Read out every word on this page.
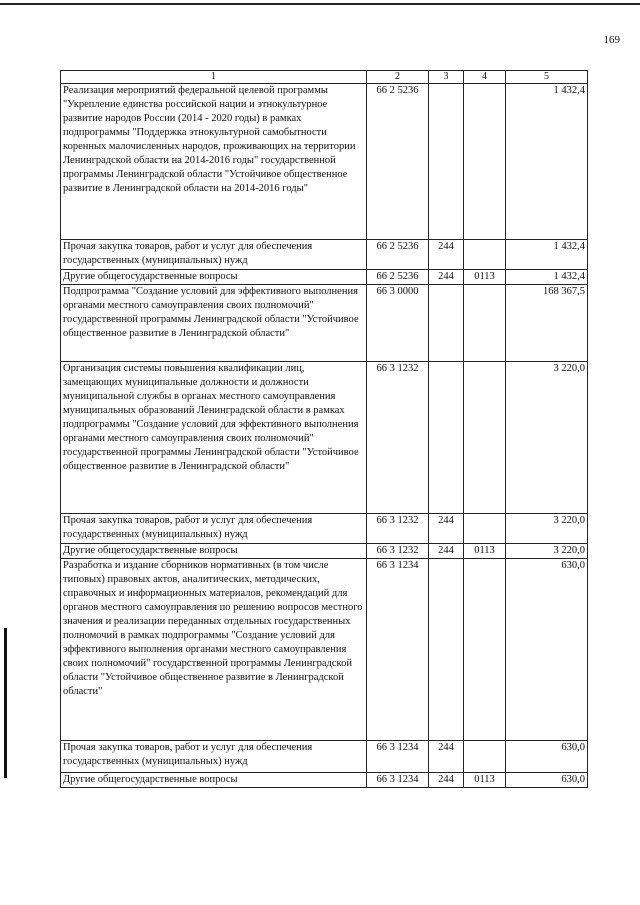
169
1	2	3	4	5
Реализация мероприятий федеральной целевой программы "Укрепление единства российской нации и этнокультурное развитие народов России (2014 - 2020 годы) в рамках подпрограммы "Поддержка этнокультурной самобытности коренных малочисленных народов, проживающих на территории Ленинградской области на 2014-2016 годы" государственной программы Ленинградской области "Устойчивое общественное развитие в Ленинградской области на 2014-2016 годы"	66 2 5236			1 432,4
Прочая закупка товаров, работ и услуг для обеспечения государственных (муниципальных) нужд	66 2 5236	244		1 432,4
Другие общегосударственные вопросы	66 2 5236	244	0113	1 432,4
Подпрограмма "Создание условий для эффективного выполнения органами местного самоуправления своих полномочий" государственной программы Ленинградской области "Устойчивое общественное развитие в Ленинградской области"	66 3 0000			168 367,5
Организация системы повышения квалификации лиц, замещающих муниципальные должности и должности муниципальной службы в органах местного самоуправления муниципальных образований Ленинградской области в рамках подпрограммы "Создание условий для эффективного выполнения органами местного самоуправления своих полномочий" государственной программы Ленинградской области "Устойчивое общественное развитие в Ленинградской области"	66 3 1232			3 220,0
Прочая закупка товаров, работ и услуг для обеспечения государственных (муниципальных) нужд	66 3 1232	244		3 220,0
Другие общегосударственные вопросы	66 3 1232	244	0113	3 220,0
Разработка и издание сборников нормативных (в том числе типовых) правовых актов, аналитических, методических, справочных и информационных материалов, рекомендаций для органов местного самоуправления по решению вопросов местного значения и реализации переданных отдельных государственных полномочий в рамках подпрограммы "Создание условий для эффективного выполнения органами местного самоуправления своих полномочий" государственной программы Ленинградской области "Устойчивое общественное развитие в Ленинградской области"	66 3 1234			630,0
Прочая закупка товаров, работ и услуг для обеспечения государственных (муниципальных) нужд	66 3 1234	244		630,0
Другие общегосударственные вопросы	66 3 1234	244	0113	630,0
